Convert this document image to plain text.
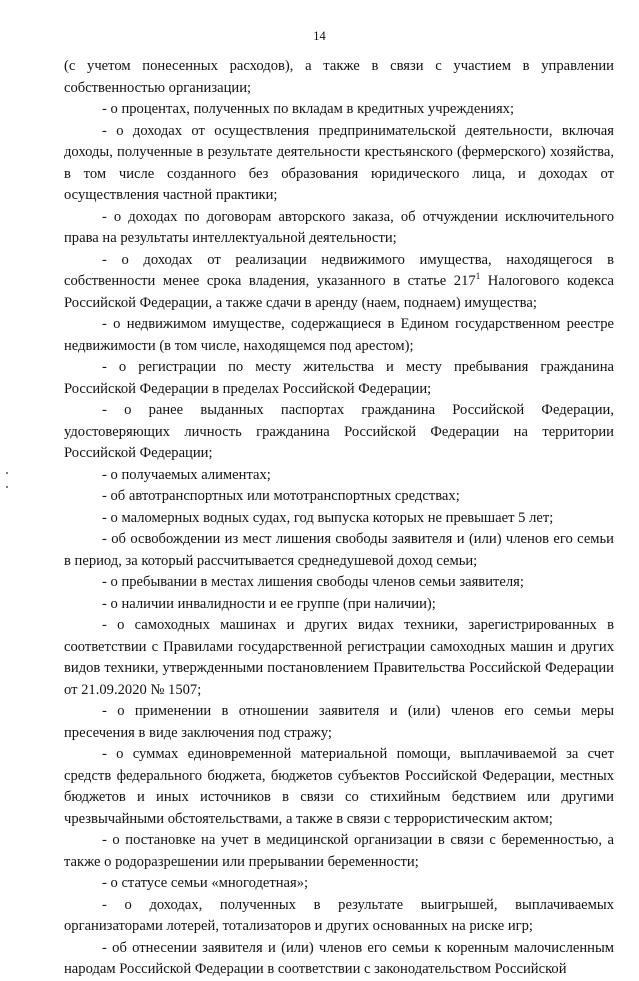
14

(с учетом понесенных расходов), а также в связи с участием в управлении собственностью организации;

- о процентах, полученных по вкладам в кредитных учреждениях;

- о доходах от осуществления предпринимательской деятельности, включая доходы, полученные в результате деятельности крестьянского (фермерского) хозяйства, в том числе созданного без образования юридического лица, и доходах от осуществления частной практики;

- о доходах по договорам авторского заказа, об отчуждении исключительного права на результаты интеллектуальной деятельности;

- о доходах от реализации недвижимого имущества, находящегося в собственности менее срока владения, указанного в статье $217^1$ Налогового кодекса Российской Федерации, а также сдачи в аренду (наем, поднаем) имущества;

- о недвижимом имуществе, содержащиеся в Едином государственном реестре недвижимости (в том числе, находящемся под арестом);

- о регистрации по месту жительства и месту пребывания гражданина Российской Федерации в пределах Российской Федерации;

- о ранее выданных паспортах гражданина Российской Федерации, удостоверяющих личность гражданина Российской Федерации на территории Российской Федерации;

- о получаемых алиментах;

- об автотранспортных или мототранспортных средствах;

- о маломерных водных судах, год выпуска которых не превышает 5 лет;

- об освобождении из мест лишения свободы заявителя и (или) членов его семьи в период, за который рассчитывается среднедушевой доход семьи;

- о пребывании в местах лишения свободы членов семьи заявителя;

- о наличии инвалидности и ее группе (при наличии);

- о самоходных машинах и других видах техники, зарегистрированных в соответствии с Правилами государственной регистрации самоходных машин и других видов техники, утвержденными постановлением Правительства Российской Федерации от 21.09.2020 № 1507;

- о применении в отношении заявителя и (или) членов его семьи меры пресечения в виде заключения под стражу;

- о суммах единовременной материальной помощи, выплачиваемой за счет средств федерального бюджета, бюджетов субъектов Российской Федерации, местных бюджетов и иных источников в связи со стихийным бедствием или другими чрезвычайными обстоятельствами, а также в связи с террористическим актом;

- о постановке на учет в медицинской организации в связи с беременностью, а также о родоразрешении или прерывании беременности;

- о статусе семьи «многодетная»;

- о доходах, полученных в результате выигрышей, выплачиваемых организаторами лотерей, тотализаторов и других основанных на риске игр;

- об отнесении заявителя и (или) членов его семьи к коренным малочисленным народам Российской Федерации в соответствии с законодательством Российской
